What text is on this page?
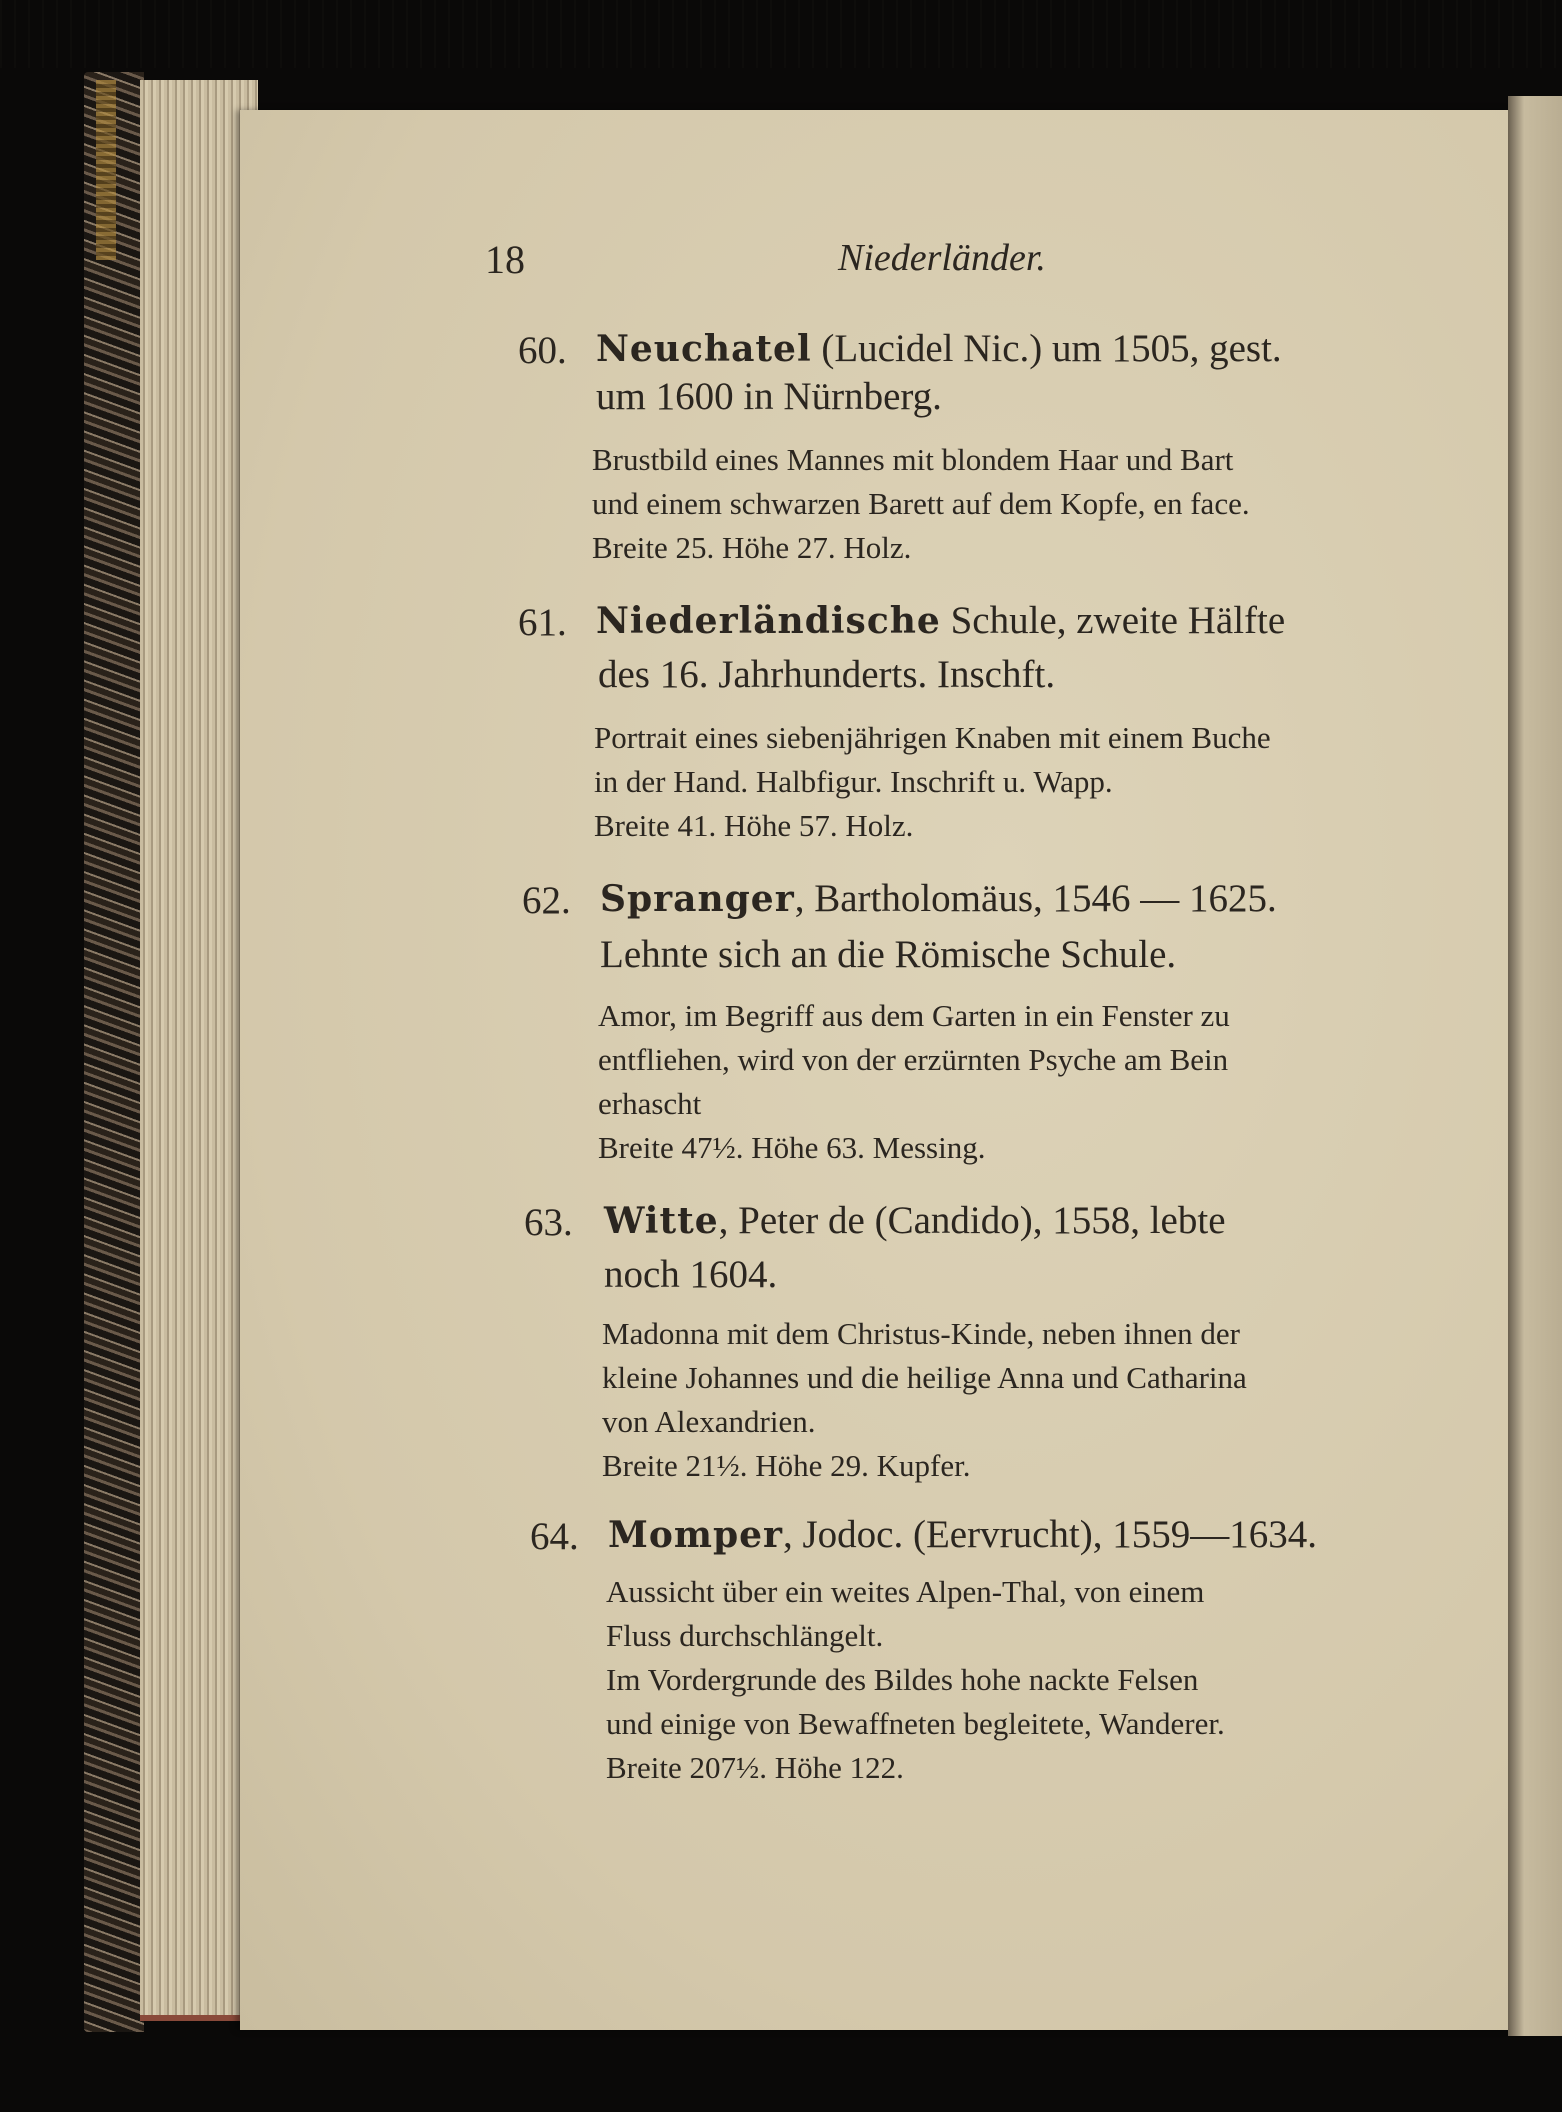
18	Niederländer.
60. Neuchatel (Lucidel Nic.) um 1505, gest.
um 1600 in Nürnberg.
Brustbild eines Mannes mit blondem Haar und Bart
und einem schwarzen Barett auf dem Kopfe, en face.
Breite 25. Höhe 27. Holz.
61. Niederländische Schule, zweite Hälfte
des 16. Jahrhunderts. Inschft.
Portrait eines siebenjährigen Knaben mit einem Buche
in der Hand. Halbfigur. Inschrift u. Wapp.
Breite 41. Höhe 57. Holz.
62. Spranger, Bartholomäus, 1546 — 1625.
Lehnte sich an die Römische Schule.
Amor, im Begriff aus dem Garten in ein Fenster zu
entfliehen, wird von der erzürnten Psyche am Bein
erhascht
Breite 47½. Höhe 63. Messing.
63. Witte, Peter de (Candido), 1558, lebte
noch 1604.
Madonna mit dem Christus-Kinde, neben ihnen der
kleine Johannes und die heilige Anna und Catharina
von Alexandrien.
Breite 21½. Höhe 29. Kupfer.
64. Momper, Jodoc. (Eervrucht), 1559—1634.
Aussicht über ein weites Alpen-Thal, von einem
Fluss durchschlängelt.
Im Vordergrunde des Bildes hohe nackte Felsen
und einige von Bewaffneten begleitete, Wanderer.
Breite 207½. Höhe 122.
